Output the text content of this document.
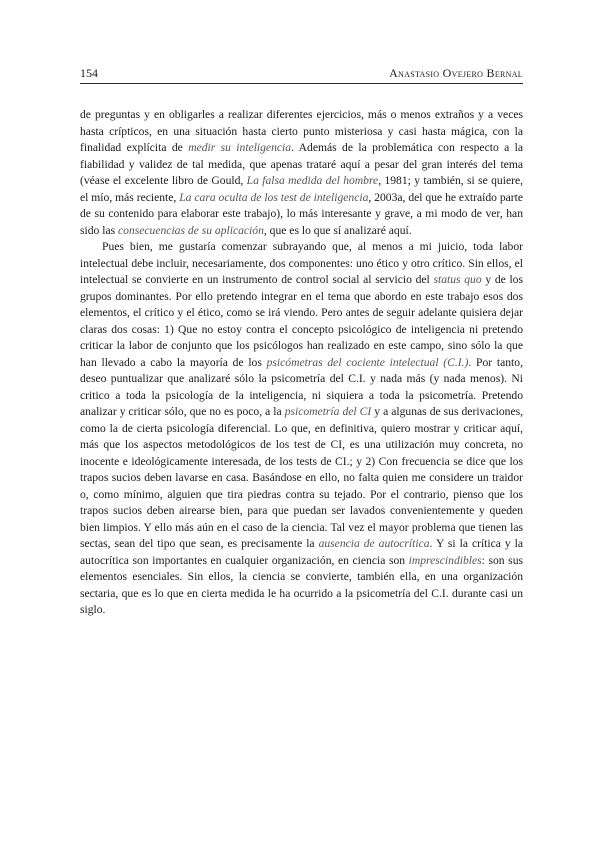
154	Anastasio Ovejero Bernal

de preguntas y en obligarles a realizar diferentes ejercicios, más o menos extraños y a veces hasta crípticos, en una situación hasta cierto punto misteriosa y casi hasta mágica, con la finalidad explícita de medir su inteligencia. Además de la problemática con respecto a la fiabilidad y validez de tal medida, que apenas trataré aquí a pesar del gran interés del tema (véase el excelente libro de Gould, La falsa medida del hombre, 1981; y también, si se quiere, el mío, más reciente, La cara oculta de los test de inteligencia, 2003a, del que he extraído parte de su contenido para elaborar este trabajo), lo más interesante y grave, a mi modo de ver, han sido las consecuencias de su aplicación, que es lo que sí analizaré aquí.

Pues bien, me gustaría comenzar subrayando que, al menos a mi juicio, toda labor intelectual debe incluir, necesariamente, dos componentes: uno ético y otro crítico. Sin ellos, el intelectual se convierte en un instrumento de control social al servicio del status quo y de los grupos dominantes. Por ello pretendo integrar en el tema que abordo en este trabajo esos dos elementos, el crítico y el ético, como se irá viendo. Pero antes de seguir adelante quisiera dejar claras dos cosas: 1) Que no estoy contra el concepto psicológico de inteligencia ni pretendo criticar la labor de conjunto que los psicólogos han realizado en este campo, sino sólo la que han llevado a cabo la mayoría de los psicómetras del cociente intelectual (C.I.). Por tanto, deseo puntualizar que analizaré sólo la psicometría del C.I. y nada más (y nada menos). Ni critico a toda la psicología de la inteligencia, ni siquiera a toda la psicometría. Pretendo analizar y criticar sólo, que no es poco, a la psicometría del CI y a algunas de sus derivaciones, como la de cierta psicología diferencial. Lo que, en definitiva, quiero mostrar y criticar aquí, más que los aspectos metodológicos de los test de CI, es una utilización muy concreta, no inocente e ideológicamente interesada, de los tests de CI.; y 2) Con frecuencia se dice que los trapos sucios deben lavarse en casa. Basándose en ello, no falta quien me considere un traidor o, como mínimo, alguien que tira piedras contra su tejado. Por el contrario, pienso que los trapos sucios deben airearse bien, para que puedan ser lavados convenientemente y queden bien limpios. Y ello más aún en el caso de la ciencia. Tal vez el mayor problema que tienen las sectas, sean del tipo que sean, es precisamente la ausencia de autocrítica. Y si la crítica y la autocrítica son importantes en cualquier organización, en ciencia son imprescindibles: son sus elementos esenciales. Sin ellos, la ciencia se convierte, también ella, en una organización sectaria, que es lo que en cierta medida le ha ocurrido a la psicometría del C.I. durante casi un siglo.
